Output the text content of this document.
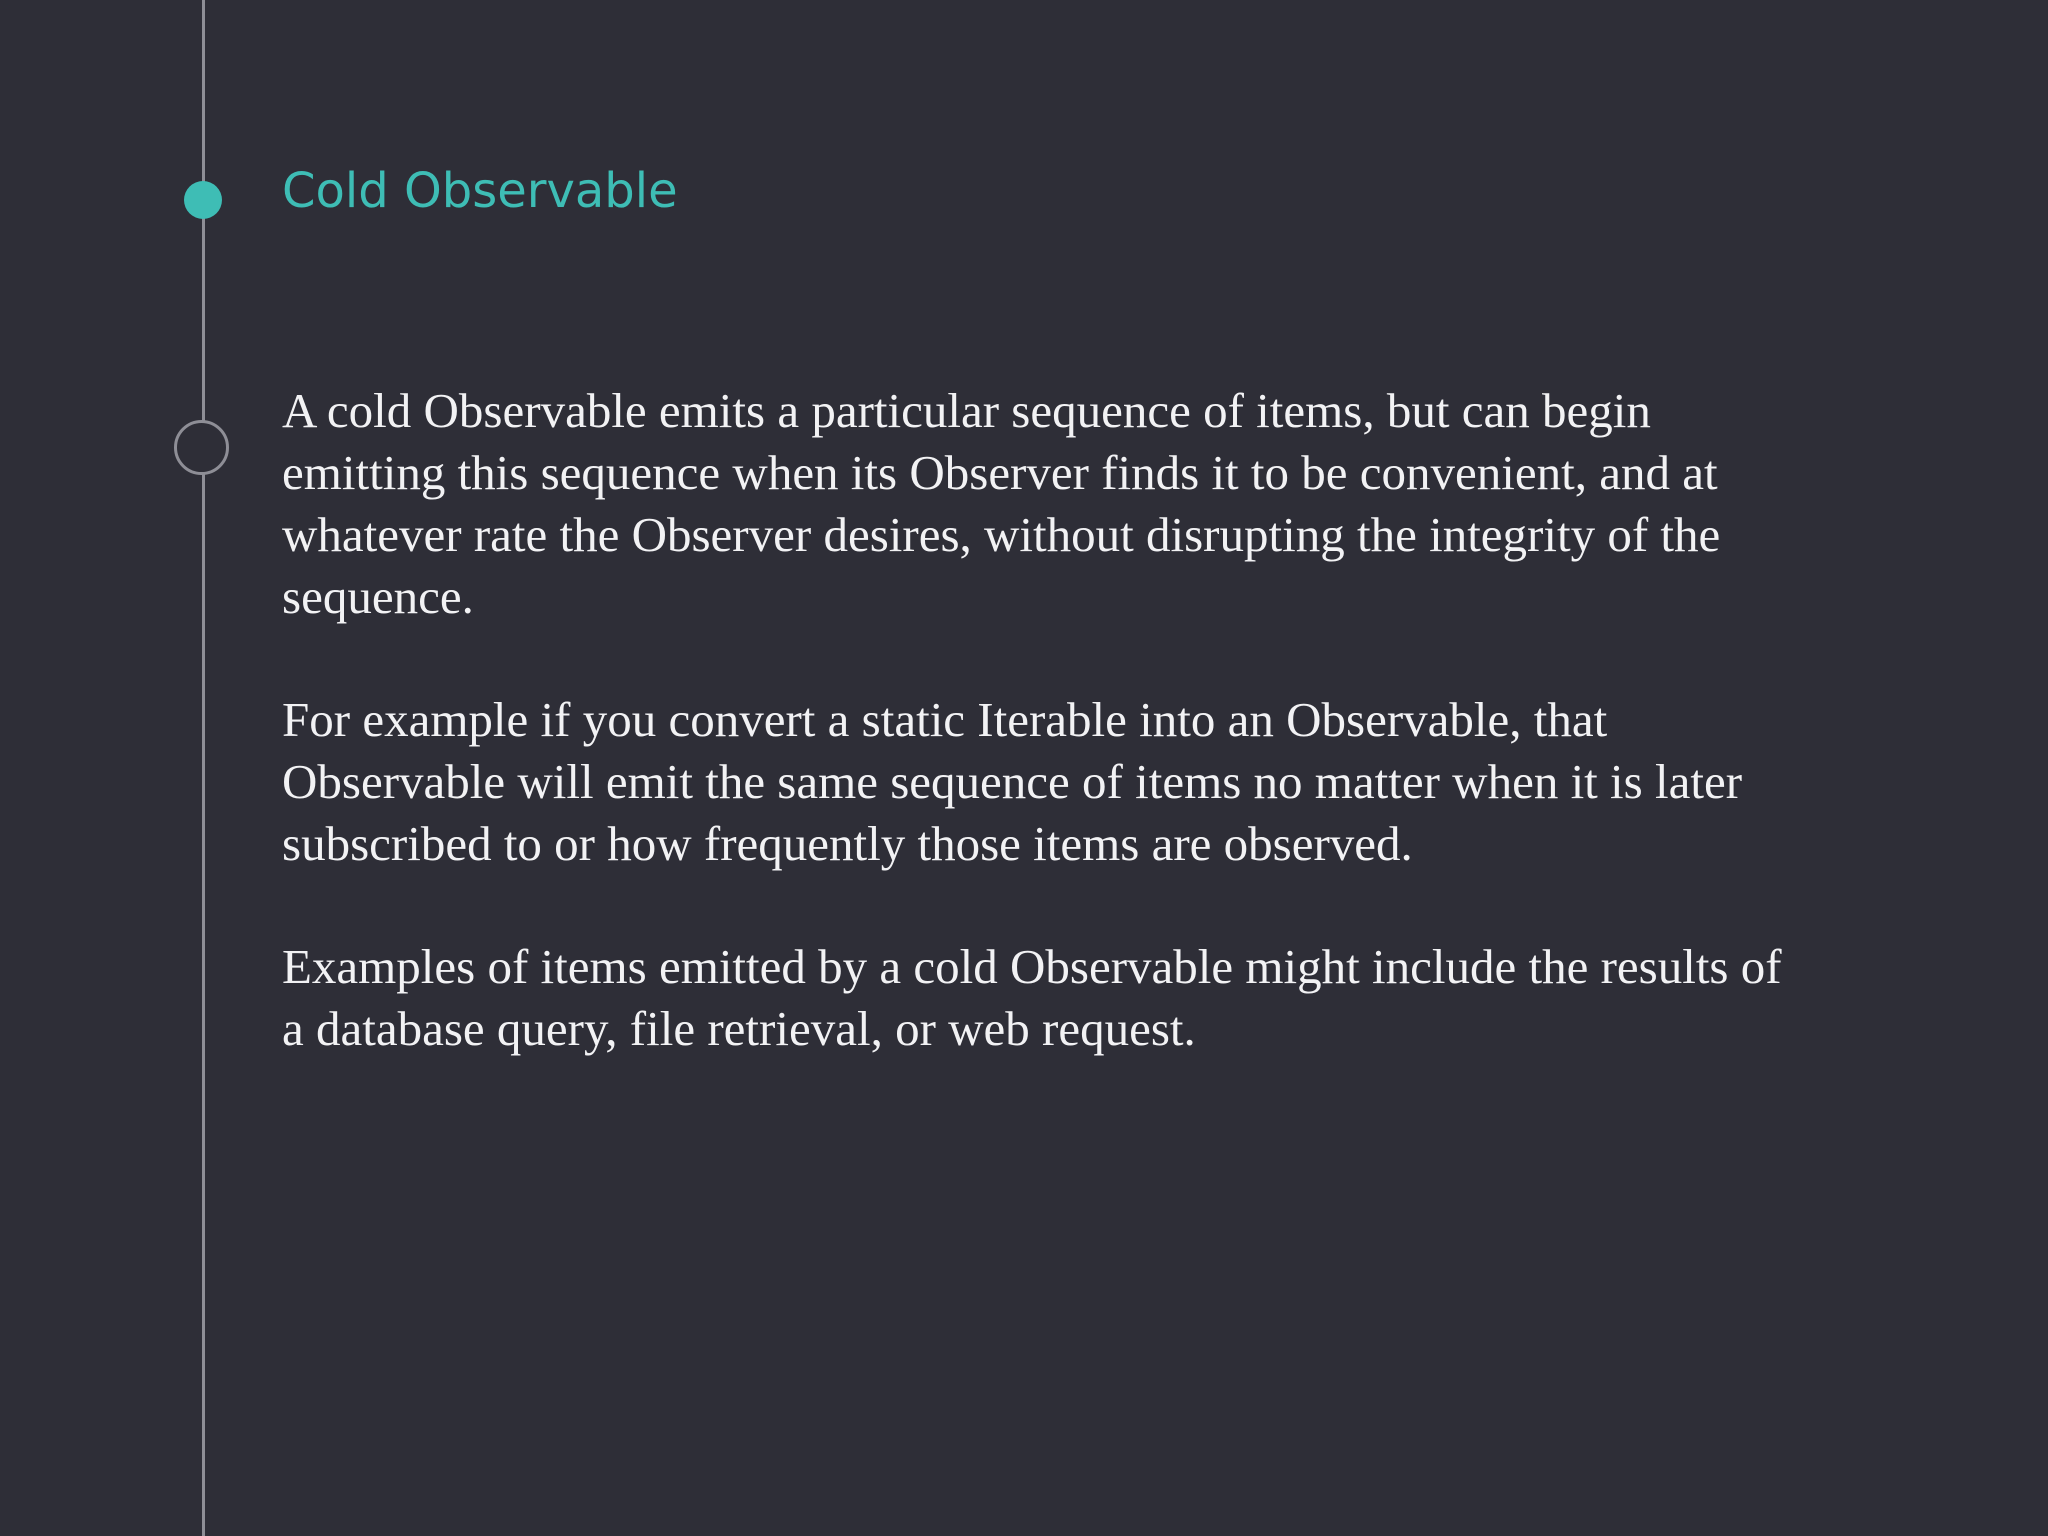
Cold Observable

A cold Observable emits a particular sequence of items, but can begin emitting this sequence when its Observer finds it to be convenient, and at whatever rate the Observer desires, without disrupting the integrity of the sequence.

For example if you convert a static Iterable into an Observable, that Observable will emit the same sequence of items no matter when it is later subscribed to or how frequently those items are observed.

Examples of items emitted by a cold Observable might include the results of a database query, file retrieval, or web request.
